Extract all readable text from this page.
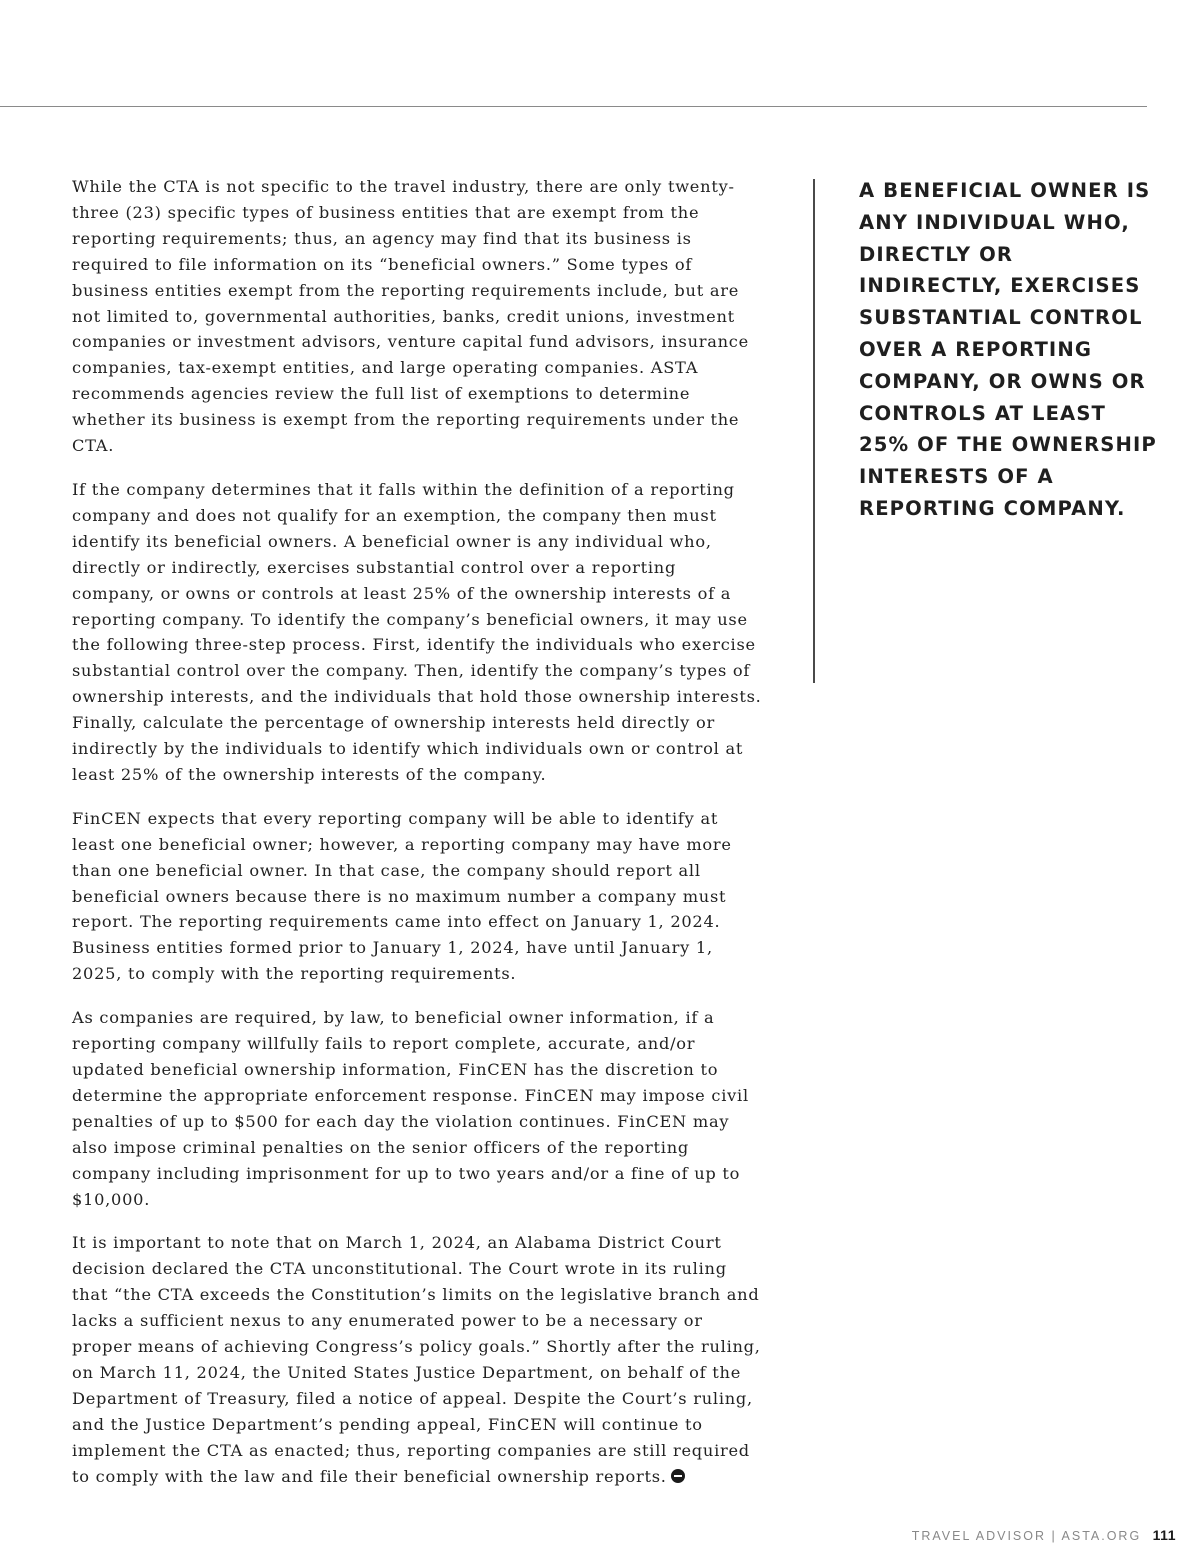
While the CTA is not specific to the travel industry, there are only twenty-three (23) specific types of business entities that are exempt from the reporting requirements; thus, an agency may find that its business is required to file information on its “beneficial owners.” Some types of business entities exempt from the reporting requirements include, but are not limited to, governmental authorities, banks, credit unions, investment companies or investment advisors, venture capital fund advisors, insurance companies, tax-exempt entities, and large operating companies. ASTA recommends agencies review the full list of exemptions to determine whether its business is exempt from the reporting requirements under the CTA.

If the company determines that it falls within the definition of a reporting company and does not qualify for an exemption, the company then must identify its beneficial owners. A beneficial owner is any individual who, directly or indirectly, exercises substantial control over a reporting company, or owns or controls at least 25% of the ownership interests of a reporting company. To identify the company’s beneficial owners, it may use the following three-step process. First, identify the individuals who exercise substantial control over the company. Then, identify the company’s types of ownership interests, and the individuals that hold those ownership interests. Finally, calculate the percentage of ownership interests held directly or indirectly by the individuals to identify which individuals own or control at least 25% of the ownership interests of the company.

FinCEN expects that every reporting company will be able to identify at least one beneficial owner; however, a reporting company may have more than one beneficial owner. In that case, the company should report all beneficial owners because there is no maximum number a company must report. The reporting requirements came into effect on January 1, 2024. Business entities formed prior to January 1, 2024, have until January 1, 2025, to comply with the reporting requirements.

As companies are required, by law, to beneficial owner information, if a reporting company willfully fails to report complete, accurate, and/or updated beneficial ownership information, FinCEN has the discretion to determine the appropriate enforcement response. FinCEN may impose civil penalties of up to $500 for each day the violation continues. FinCEN may also impose criminal penalties on the senior officers of the reporting company including imprisonment for up to two years and/or a fine of up to $10,000.

It is important to note that on March 1, 2024, an Alabama District Court decision declared the CTA unconstitutional. The Court wrote in its ruling that “the CTA exceeds the Constitution’s limits on the legislative branch and lacks a sufficient nexus to any enumerated power to be a necessary or proper means of achieving Congress’s policy goals.” Shortly after the ruling, on March 11, 2024, the United States Justice Department, on behalf of the Department of Treasury, filed a notice of appeal. Despite the Court’s ruling, and the Justice Department’s pending appeal, FinCEN will continue to implement the CTA as enacted; thus, reporting companies are still required to comply with the law and file their beneficial ownership reports.

A BENEFICIAL OWNER IS ANY INDIVIDUAL WHO, DIRECTLY OR INDIRECTLY, EXERCISES SUBSTANTIAL CONTROL OVER A REPORTING COMPANY, OR OWNS OR CONTROLS AT LEAST 25% OF THE OWNERSHIP INTERESTS OF A REPORTING COMPANY.

TRAVEL ADVISOR | ASTA.ORG 111
